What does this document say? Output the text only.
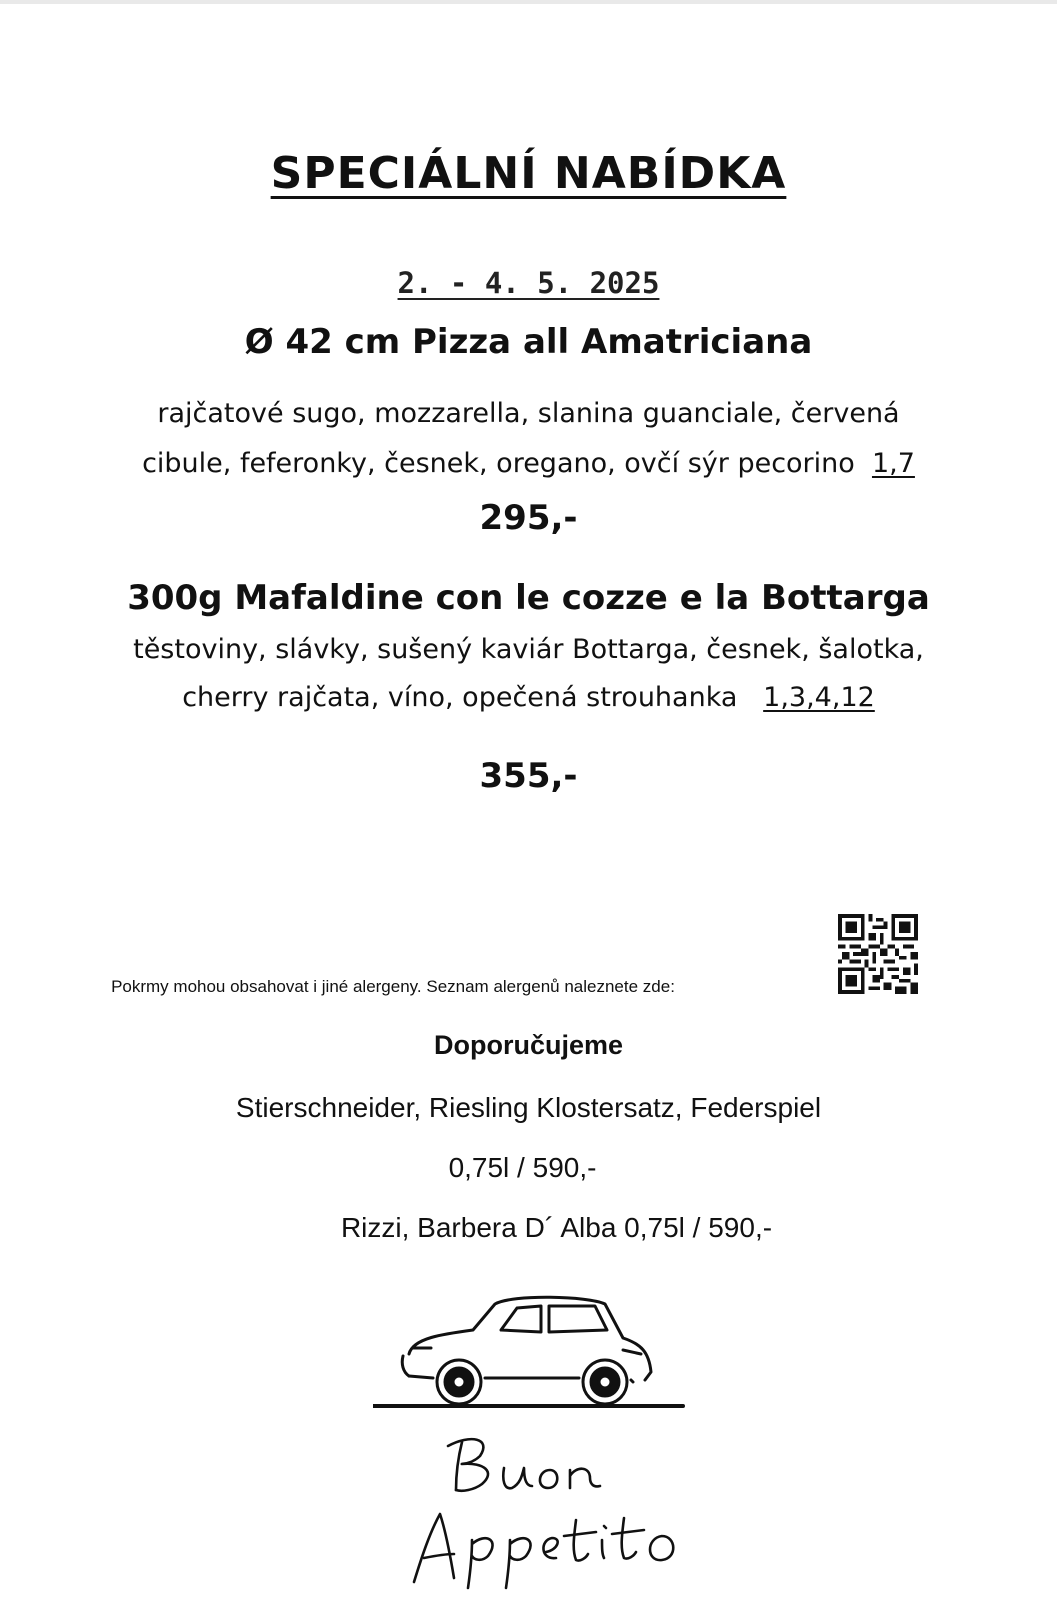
SPECIÁLNÍ NABÍDKA
2. - 4. 5. 2025
Ø 42 cm Pizza all Amatriciana
rajčatové sugo, mozzarella, slanina guanciale, červená
cibule, feferonky, česnek, oregano, ovčí sýr pecorino 1,7
295,-
300g Mafaldine con le cozze e la Bottarga
těstoviny, slávky, sušený kaviár Bottarga, česnek, šalotka,
cherry rajčata, víno, opečená strouhanka 1,3,4,12
355,-
Pokrmy mohou obsahovat i jiné alergeny. Seznam alergenů naleznete zde:
Doporučujeme
Stierschneider, Riesling Klostersatz, Federspiel
0,75l / 590,-
Rizzi, Barbera D´ Alba 0,75l / 590,-
